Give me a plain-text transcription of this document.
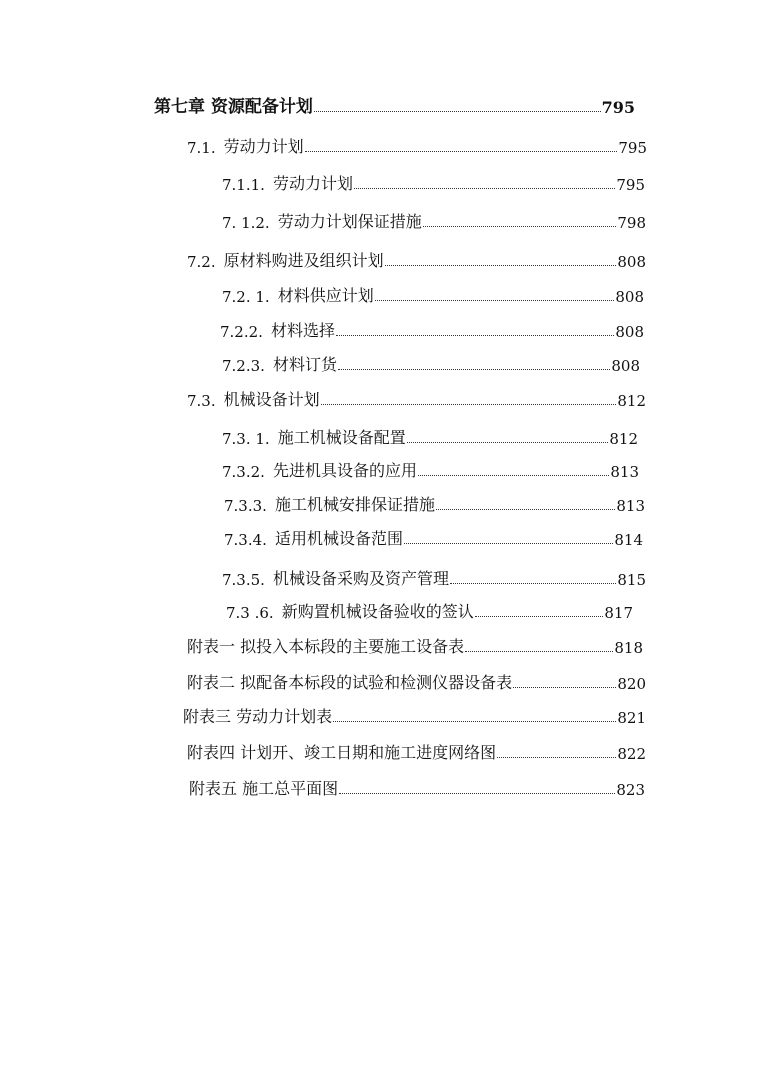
第七章 资源配备计划	795
7.1. 劳动力计划	795
7.1.1. 劳动力计划	795
7. 1.2. 劳动力计划保证措施	798
7.2. 原材料购进及组织计划	808
7.2. 1. 材料供应计划	808
7.2.2. 材料选择	808
7.2.3. 材料订货	808
7.3. 机械设备计划	812
7.3. 1. 施工机械设备配置	812
7.3.2. 先进机具设备的应用	813
7.3.3. 施工机械安排保证措施	813
7.3.4. 适用机械设备范围	814
7.3.5. 机械设备采购及资产管理	815
7.3 .6. 新购置机械设备验收的签认	817
附表一 拟投入本标段的主要施工设备表	818
附表二 拟配备本标段的试验和检测仪器设备表	820
附表三 劳动力计划表	821
附表四 计划开、竣工日期和施工进度网络图	822
附表五 施工总平面图	823
